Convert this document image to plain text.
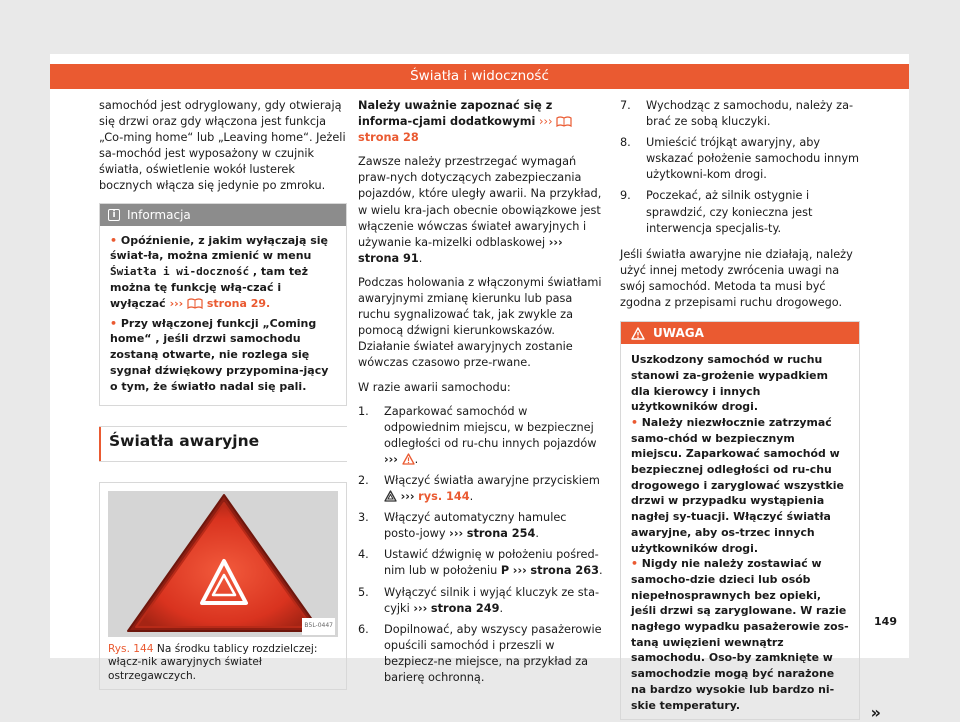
Światła i widoczność

samochód jest odryglowany, gdy otwierają się drzwi oraz gdy włączona jest funkcja „Co-ming home“ lub „Leaving home“. Jeżeli sa-mochód jest wyposażony w czujnik światła, oświetlenie wokół lusterek bocznych włącza się jedynie po zmroku.

i Informacja
• Opóźnienie, z jakim wyłączają się świat-ła, można zmienić w menu Światła i wi-doczność , tam też można tę funkcję włą-czać i wyłączać ››› strona 29.
• Przy włączonej funkcji „Coming home“ , jeśli drzwi samochodu zostaną otwarte, nie rozlega się sygnał dźwiękowy przypomina-jący o tym, że światło nadal się pali.
Światła awaryjne
B5L-0447
Rys. 144 Na środku tablicy rozdzielczej: włącz-nik awaryjnych świateł ostrzegawczych.

Należy uważnie zapoznać się z informa-cjami dodatkowymi ›››  strona 28

Zawsze należy przestrzegać wymagań praw-nych dotyczących zabezpieczania pojazdów, które uległy awarii. Na przykład, w wielu kra-jach obecnie obowiązkowe jest włączenie wówczas świateł awaryjnych i używanie ka-mizelki odblaskowej ››› strona 91.

Podczas holowania z włączonymi światłami awaryjnymi zmianę kierunku lub pasa ruchu sygnalizować tak, jak zwykle za pomocą dźwigni kierunkowskazów. Działanie świateł awaryjnych zostanie wówczas czasowo prze-rwane.

W razie awarii samochodu:

1. Zaparkować samochód w odpowiednim miejscu, w bezpiecznej odległości od ru-chu innych pojazdów ››› .
2. Włączyć światła awaryjne przyciskiem
››› rys. 144.
3. Włączyć automatyczny hamulec posto-jowy ››› strona 254.
4. Ustawić dźwignię w położeniu pośred-nim lub w położeniu P ››› strona 263.
5. Wyłączyć silnik i wyjąć kluczyk ze sta-cyjki ››› strona 249.
6. Dopilnować, aby wszyscy pasażerowie opuścili samochód i przeszli w bezpiecz-ne miejsce, na przykład za barierę ochronną.
7. Wychodząc z samochodu, należy za-brać ze sobą kluczyki.
8. Umieścić trójkąt awaryjny, aby wskazać położenie samochodu innym użytkowni-kom drogi.
9. Poczekać, aż silnik ostygnie i sprawdzić, czy konieczna jest interwencja specjalis-ty.

Jeśli światła awaryjne nie działają, należy użyć innej metody zwrócenia uwagi na swój samochód. Metoda ta musi być zgodna z przepisami ruchu drogowego.

UWAGA
Uszkodzony samochód w ruchu stanowi za-grożenie wypadkiem dla kierowcy i innych użytkowników drogi.
• Należy niezwłocznie zatrzymać samo-chód w bezpiecznym miejscu. Zaparkować samochód w bezpiecznej odległości od ru-chu drogowego i zaryglować wszystkie drzwi w przypadku wystąpienia nagłej sy-tuacji. Włączyć światła awaryjne, aby os-trzec innych użytkowników drogi.
• Nigdy nie należy zostawiać w samocho-dzie dzieci lub osób niepełnosprawnych bez opieki, jeśli drzwi są zaryglowane. W razie nagłego wypadku pasażerowie zos-taną uwięzieni wewnątrz samochodu. Oso-by zamknięte w samochodzie mogą być narażone na bardzo wysokie lub bardzo ni-skie temperatury.	»
149
